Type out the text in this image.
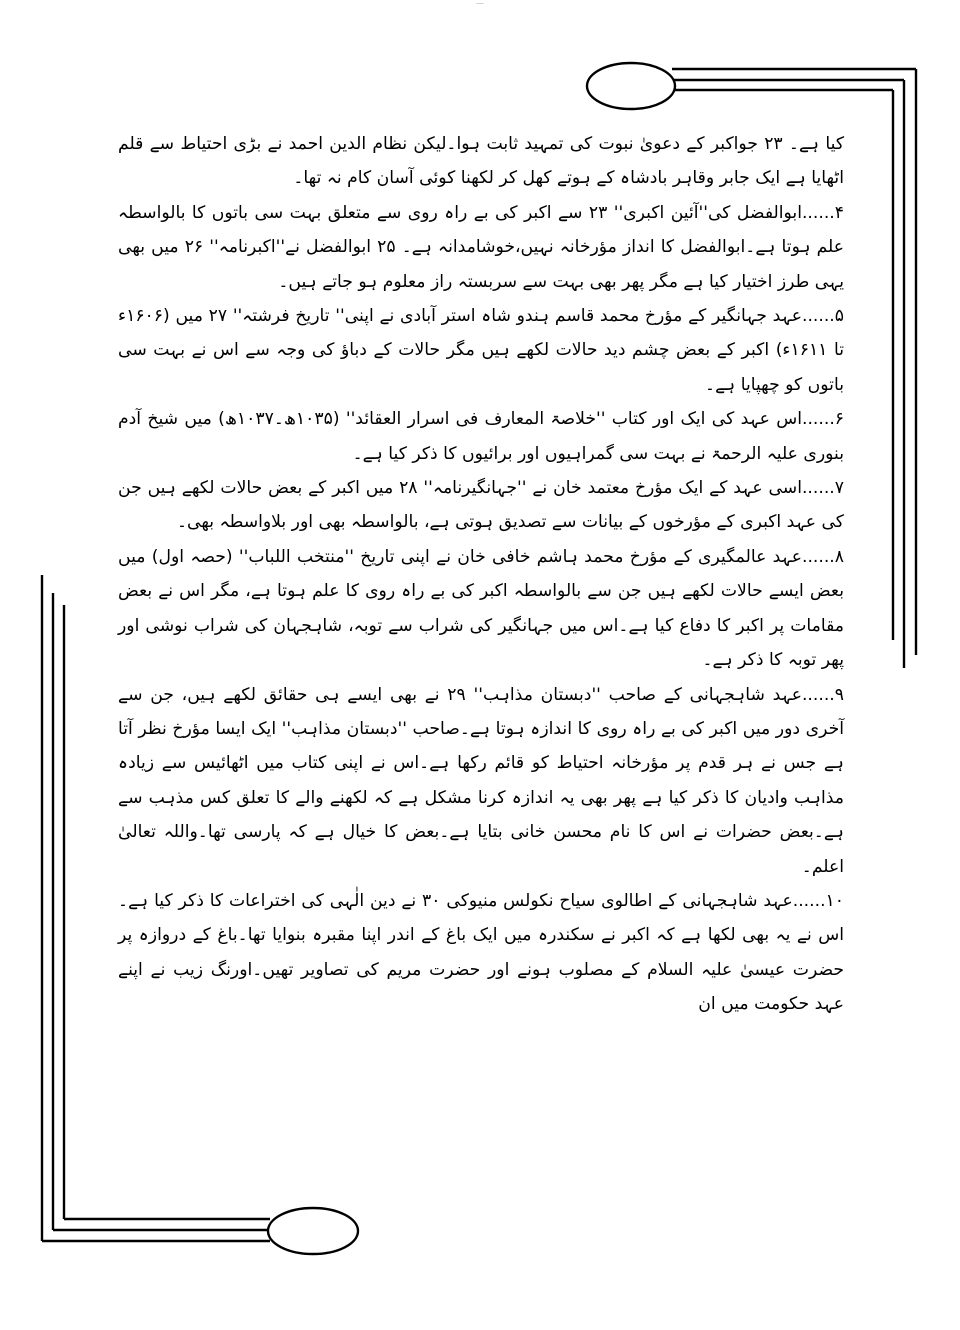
....

کیا ہے۔ ۲۳ جواکبر کے دعویٰ نبوت کی تمہید ثابت ہوا۔لیکن نظام الدین احمد نے بڑی احتیاط سے قلم اٹھایا ہے ایک جابر وقاہر بادشاہ کے ہوتے کھل کر لکھنا کوئی آسان کام نہ تھا۔

۴......ابوالفضل کی''آئین اکبری'' ۲۳ سے اکبر کی بے راہ روی سے متعلق بہت سی باتوں کا بالواسطہ علم ہوتا ہے۔ابوالفضل کا انداز مؤرخانہ نہیں،خوشامدانہ ہے۔ ۲۵ ابوالفضل نے''اکبرنامہ'' ۲۶ میں بھی یہی طرز اختیار کیا ہے مگر پھر بھی بہت سے سربستہ راز معلوم ہو جاتے ہیں۔

۵......عہد جہانگیر کے مؤرخ محمد قاسم ہندو شاہ استر آبادی نے اپنی'' تاریخ فرشتہ'' ۲۷ میں (۱۶۰۶ء تا ۱۶۱۱ء) اکبر کے بعض چشم دید حالات لکھے ہیں مگر حالات کے دباؤ کی وجہ سے اس نے بہت سی باتوں کو چھپایا ہے۔

۶......اس عہد کی ایک اور کتاب ''خلاصۃ المعارف فی اسرار العقائد'' (۱۰۳۵ھ۔۱۰۳۷ھ) میں شیخ آدم بنوری علیہ الرحمۃ نے بہت سی گمراہیوں اور برائیوں کا ذکر کیا ہے۔

۷......اسی عہد کے ایک مؤرخ معتمد خان نے ''جہانگیرنامہ'' ۲۸ میں اکبر کے بعض حالات لکھے ہیں جن کی عہد اکبری کے مؤرخوں کے بیانات سے تصدیق ہوتی ہے، بالواسطہ بھی اور بلاواسطہ بھی۔

۸......عہد عالمگیری کے مؤرخ محمد ہاشم خافی خان نے اپنی تاریخ ''منتخب اللباب'' (حصہ اول) میں بعض ایسے حالات لکھے ہیں جن سے بالواسطہ اکبر کی بے راہ روی کا علم ہوتا ہے، مگر اس نے بعض مقامات پر اکبر کا دفاع کیا ہے۔اس میں جہانگیر کی شراب سے توبہ، شاہجہان کی شراب نوشی اور پھر توبہ کا ذکر ہے۔

۹......عہد شاہجہانی کے صاحب ''دبستان مذاہب'' ۲۹ نے بھی ایسے ہی حقائق لکھے ہیں، جن سے آخری دور میں اکبر کی بے راہ روی کا اندازہ ہوتا ہے۔صاحب ''دبستان مذاہب'' ایک ایسا مؤرخ نظر آتا ہے جس نے ہر قدم پر مؤرخانہ احتیاط کو قائم رکھا ہے۔اس نے اپنی کتاب میں اٹھائیس سے زیادہ مذاہب وادیان کا ذکر کیا ہے پھر بھی یہ اندازہ کرنا مشکل ہے کہ لکھنے والے کا تعلق کس مذہب سے ہے۔بعض حضرات نے اس کا نام محسن خانی بتایا ہے۔بعض کا خیال ہے کہ پارسی تھا۔واللہ تعالیٰ اعلم۔

۱۰......عہد شاہجہانی کے اطالوی سیاح نکولس منیوکی ۳۰ نے دین الٰہی کی اختراعات کا ذکر کیا ہے۔اس نے یہ بھی لکھا ہے کہ اکبر نے سکندرہ میں ایک باغ کے اندر اپنا مقبرہ بنوایا تھا۔باغ کے دروازہ پر حضرت عیسیٰ علیہ السلام کے مصلوب ہونے اور حضرت مریم کی تصاویر تھیں۔اورنگ زیب نے اپنے عہد حکومت میں ان
